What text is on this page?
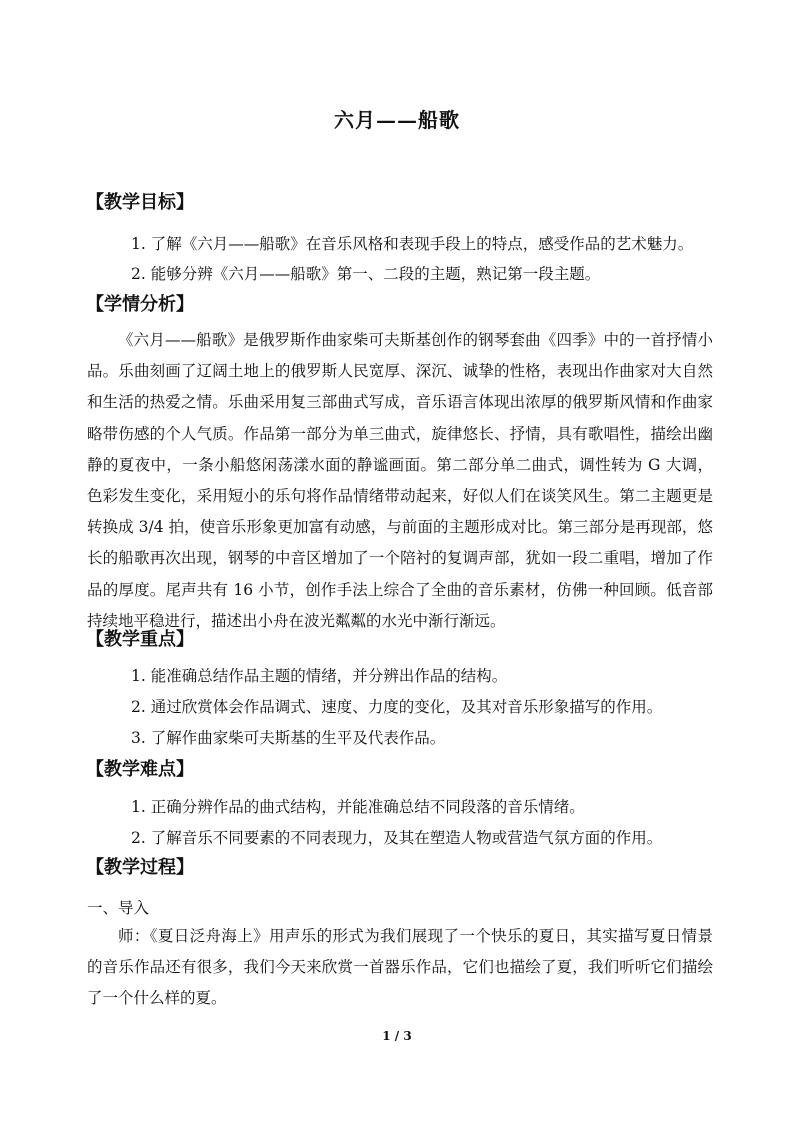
六月——船歌
【教学目标】
1. 了解《六月——船歌》在音乐风格和表现手段上的特点，感受作品的艺术魅力。
2. 能够分辨《六月——船歌》第一、二段的主题，熟记第一段主题。
【学情分析】

《六月——船歌》是俄罗斯作曲家柴可夫斯基创作的钢琴套曲《四季》中的一首抒情小品。乐曲刻画了辽阔土地上的俄罗斯人民宽厚、深沉、诚挚的性格，表现出作曲家对大自然和生活的热爱之情。乐曲采用复三部曲式写成，音乐语言体现出浓厚的俄罗斯风情和作曲家略带伤感的个人气质。作品第一部分为单三曲式，旋律悠长、抒情，具有歌唱性，描绘出幽静的夏夜中，一条小船悠闲荡漾水面的静谧画面。第二部分单二曲式，调性转为 G 大调，色彩发生变化，采用短小的乐句将作品情绪带动起来，好似人们在谈笑风生。第二主题更是转换成 3/4 拍，使音乐形象更加富有动感，与前面的主题形成对比。第三部分是再现部，悠长的船歌再次出现，钢琴的中音区增加了一个陪衬的复调声部，犹如一段二重唱，增加了作品的厚度。尾声共有 16 小节，创作手法上综合了全曲的音乐素材，仿佛一种回顾。低音部持续地平稳进行，描述出小舟在波光粼粼的水光中渐行渐远。

【教学重点】
1. 能准确总结作品主题的情绪，并分辨出作品的结构。
2. 通过欣赏体会作品调式、速度、力度的变化，及其对音乐形象描写的作用。
3. 了解作曲家柴可夫斯基的生平及代表作品。
【教学难点】
1. 正确分辨作品的曲式结构，并能准确总结不同段落的音乐情绪。
2. 了解音乐不同要素的不同表现力，及其在塑造人物或营造气氛方面的作用。
【教学过程】
一、导入

师：《夏日泛舟海上》用声乐的形式为我们展现了一个快乐的夏日，其实描写夏日情景的音乐作品还有很多，我们今天来欣赏一首器乐作品，它们也描绘了夏，我们听听它们描绘了一个什么样的夏。

1 / 3
